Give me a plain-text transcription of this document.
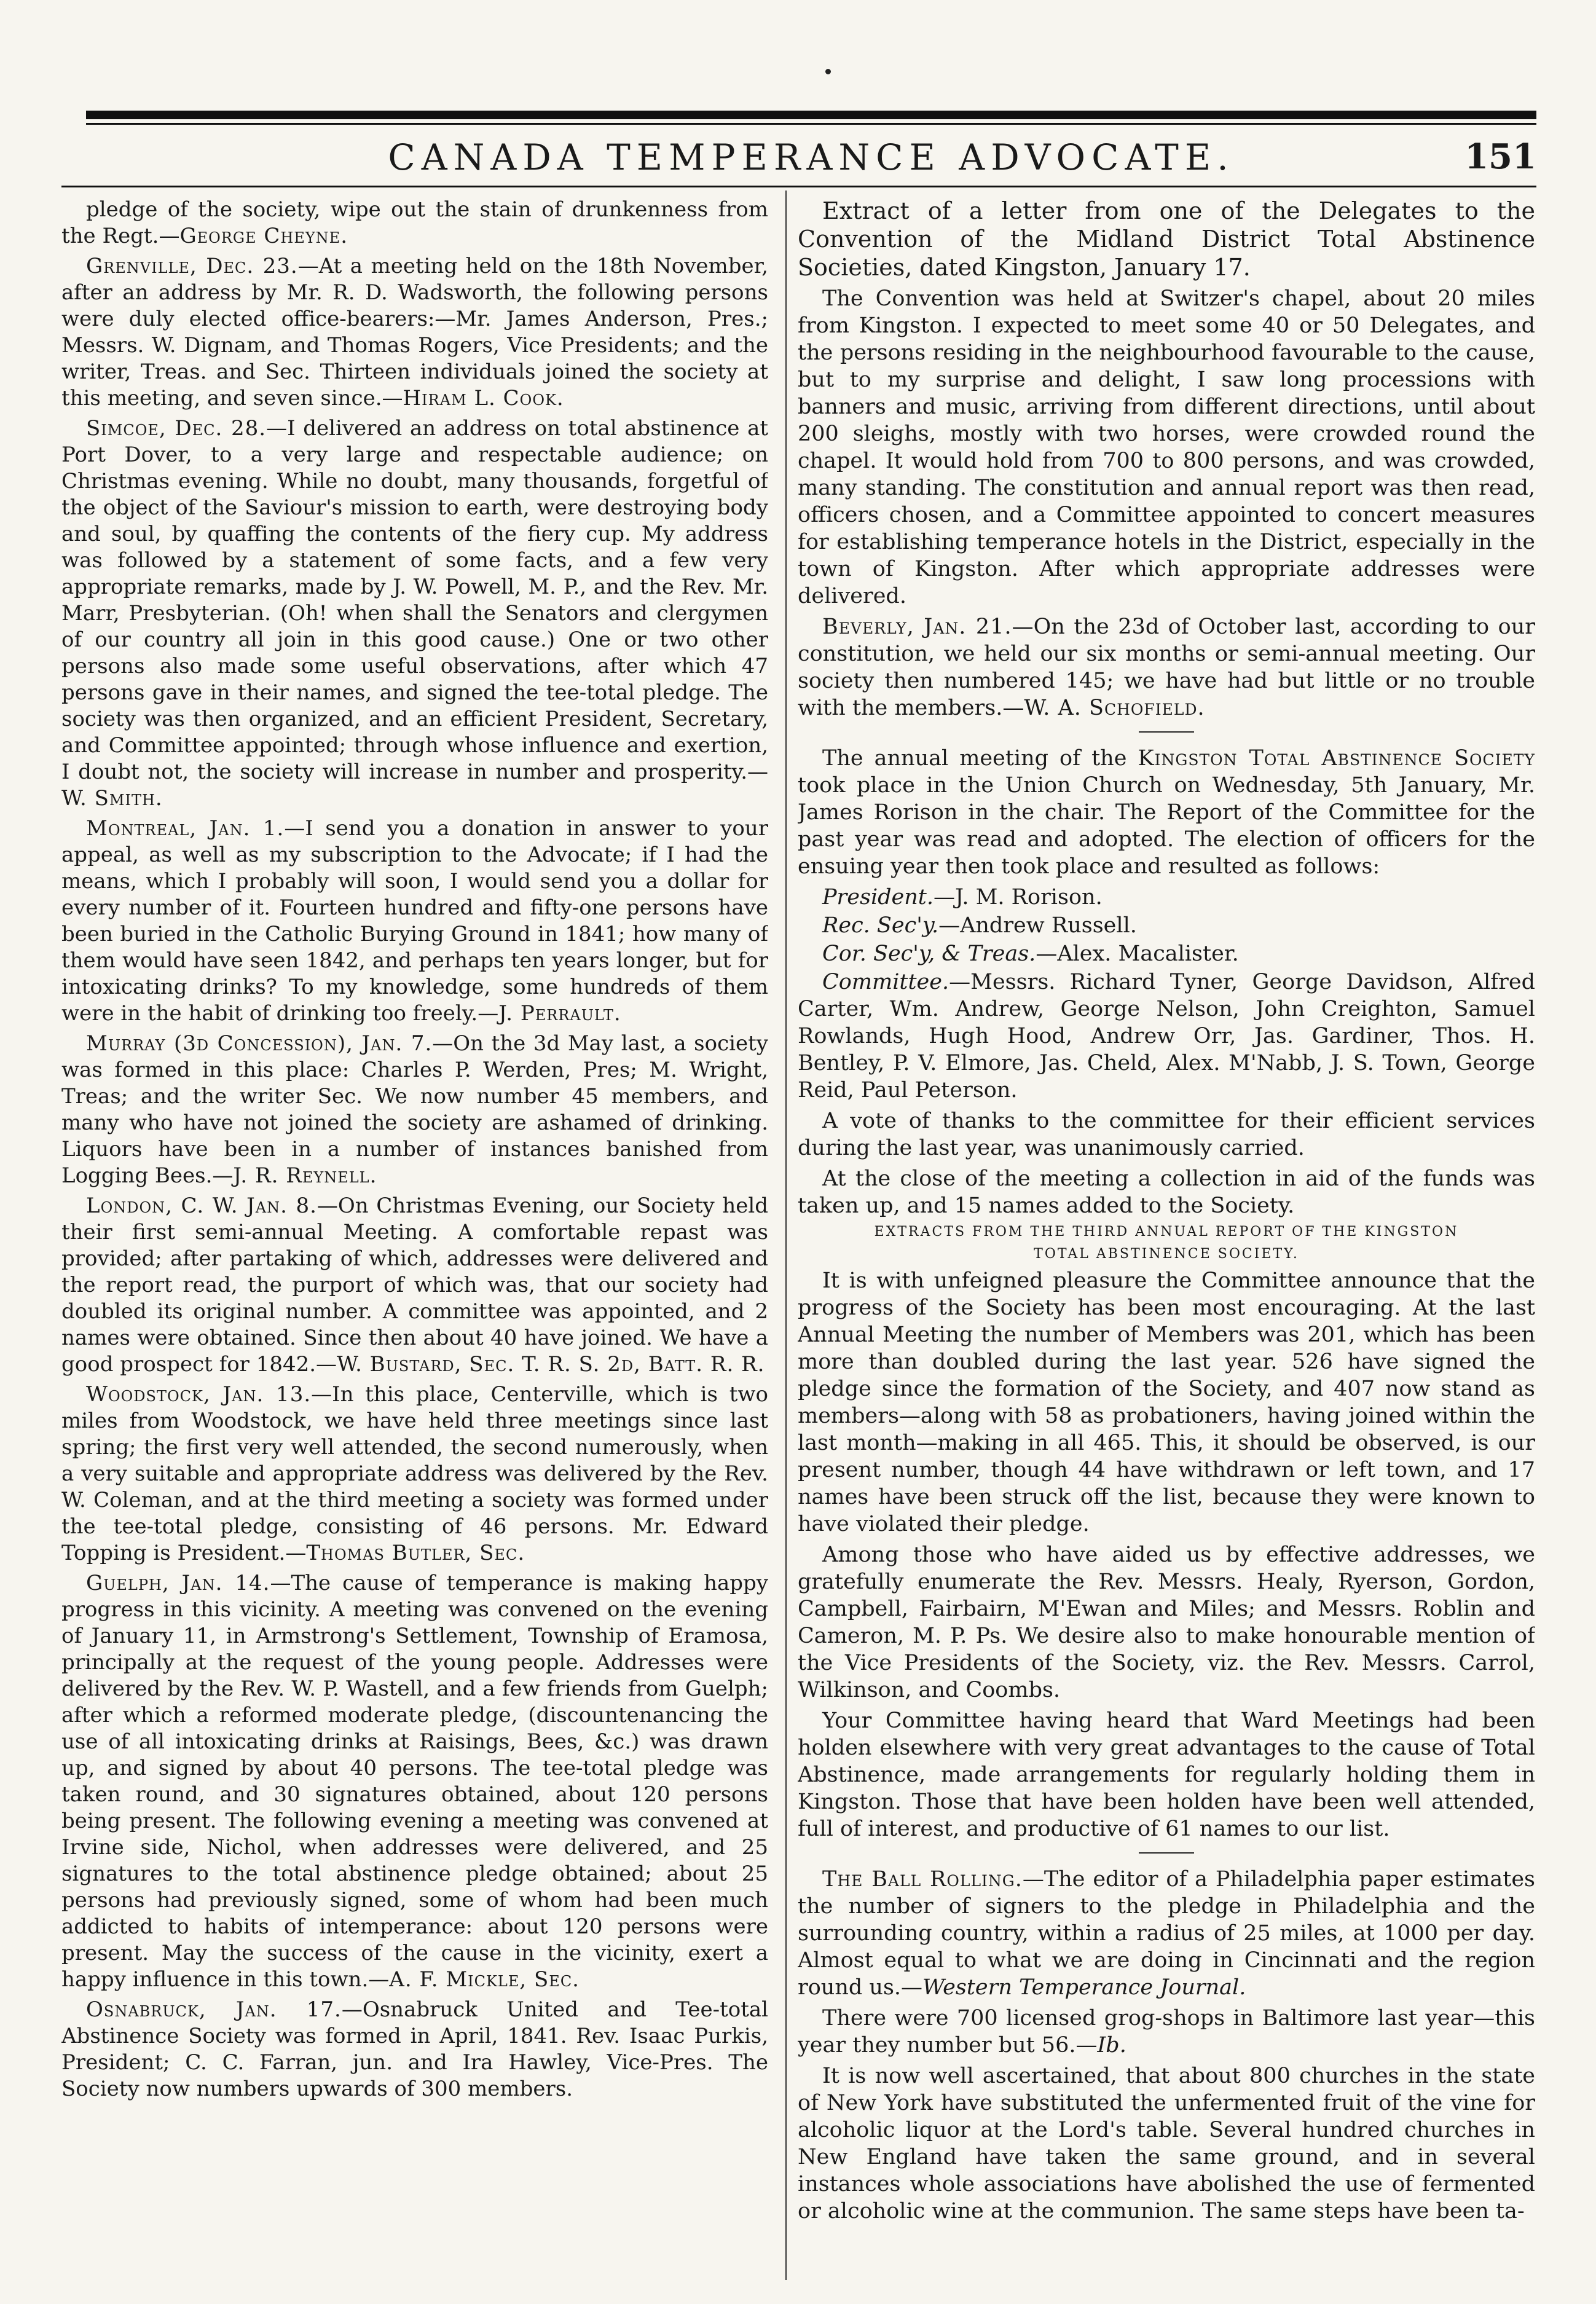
CANADA TEMPERANCE ADVOCATE.	151

pledge of the society, wipe out the stain of drunkenness from the Regt.—George Cheyne.

Grenville, Dec. 23.—At a meeting held on the 18th November, after an address by Mr. R. D. Wadsworth, the following persons were duly elected office-bearers:—Mr. James Anderson, Pres.; Messrs. W. Dignam, and Thomas Rogers, Vice Presidents; and the writer, Treas. and Sec. Thirteen individuals joined the society at this meeting, and seven since.—Hiram L. Cook.

Simcoe, Dec. 28.—I delivered an address on total abstinence at Port Dover, to a very large and respectable audience; on Christmas evening. While no doubt, many thousands, forgetful of the object of the Saviour's mission to earth, were destroying body and soul, by quaffing the contents of the fiery cup. My address was followed by a statement of some facts, and a few very appropriate remarks, made by J. W. Powell, M. P., and the Rev. Mr. Marr, Presbyterian. (Oh! when shall the Senators and clergymen of our country all join in this good cause.) One or two other persons also made some useful observations, after which 47 persons gave in their names, and signed the tee-total pledge. The society was then organized, and an efficient President, Secretary, and Committee appointed; through whose influence and exertion, I doubt not, the society will increase in number and prosperity.—W. Smith.

Montreal, Jan. 1.—I send you a donation in answer to your appeal, as well as my subscription to the Advocate; if I had the means, which I probably will soon, I would send you a dollar for every number of it. Fourteen hundred and fifty-one persons have been buried in the Catholic Burying Ground in 1841; how many of them would have seen 1842, and perhaps ten years longer, but for intoxicating drinks? To my knowledge, some hundreds of them were in the habit of drinking too freely.—J. Perrault.

Murray (3d Concession), Jan. 7.—On the 3d May last, a society was formed in this place: Charles P. Werden, Pres; M. Wright, Treas; and the writer Sec. We now number 45 members, and many who have not joined the society are ashamed of drinking. Liquors have been in a number of instances banished from Logging Bees.—J. R. Reynell.

London, C. W. Jan. 8.—On Christmas Evening, our Society held their first semi-annual Meeting. A comfortable repast was provided; after partaking of which, addresses were delivered and the report read, the purport of which was, that our society had doubled its original number. A committee was appointed, and 2 names were obtained. Since then about 40 have joined. We have a good prospect for 1842.—W. Bustard, Sec. T. R. S. 2d, Batt. R. R.

Woodstock, Jan. 13.—In this place, Centerville, which is two miles from Woodstock, we have held three meetings since last spring; the first very well attended, the second numerously, when a very suitable and appropriate address was delivered by the Rev. W. Coleman, and at the third meeting a society was formed under the tee-total pledge, consisting of 46 persons. Mr. Edward Topping is President.—Thomas Butler, Sec.

Guelph, Jan. 14.—The cause of temperance is making happy progress in this vicinity. A meeting was convened on the evening of January 11, in Armstrong's Settlement, Township of Eramosa, principally at the request of the young people. Addresses were delivered by the Rev. W. P. Wastell, and a few friends from Guelph; after which a reformed moderate pledge, (discountenancing the use of all intoxicating drinks at Raisings, Bees, &c.) was drawn up, and signed by about 40 persons. The tee-total pledge was taken round, and 30 signatures obtained, about 120 persons being present. The following evening a meeting was convened at Irvine side, Nichol, when addresses were delivered, and 25 signatures to the total abstinence pledge obtained; about 25 persons had previously signed, some of whom had been much addicted to habits of intemperance: about 120 persons were present. May the success of the cause in the vicinity, exert a happy influence in this town.—A. F. Mickle, Sec.

Osnabruck, Jan. 17.—Osnabruck United and Tee-total Abstinence Society was formed in April, 1841. Rev. Isaac Purkis, President; C. C. Farran, jun. and Ira Hawley, Vice-Pres. The Society now numbers upwards of 300 members.

Extract of a letter from one of the Delegates to the Convention of the Midland District Total Abstinence Societies, dated Kingston, January 17.

The Convention was held at Switzer's chapel, about 20 miles from Kingston. I expected to meet some 40 or 50 Delegates, and the persons residing in the neighbourhood favourable to the cause, but to my surprise and delight, I saw long processions with banners and music, arriving from different directions, until about 200 sleighs, mostly with two horses, were crowded round the chapel. It would hold from 700 to 800 persons, and was crowded, many standing. The constitution and annual report was then read, officers chosen, and a Committee appointed to concert measures for establishing temperance hotels in the District, especially in the town of Kingston. After which appropriate addresses were delivered.

Beverly, Jan. 21.—On the 23d of October last, according to our constitution, we held our six months or semi-annual meeting. Our society then numbered 145; we have had but little or no trouble with the members.—W. A. Schofield.

The annual meeting of the Kingston Total Abstinence Society took place in the Union Church on Wednesday, 5th January, Mr. James Rorison in the chair. The Report of the Committee for the past year was read and adopted. The election of officers for the ensuing year then took place and resulted as follows:

President.—J. M. Rorison.
Rec. Sec'y.—Andrew Russell.
Cor. Sec'y, & Treas.—Alex. Macalister.

Committee.—Messrs. Richard Tyner, George Davidson, Alfred Carter, Wm. Andrew, George Nelson, John Creighton, Samuel Rowlands, Hugh Hood, Andrew Orr, Jas. Gardiner, Thos. H. Bentley, P. V. Elmore, Jas. Cheld, Alex. M'Nabb, J. S. Town, George Reid, Paul Peterson.

A vote of thanks to the committee for their efficient services during the last year, was unanimously carried.

At the close of the meeting a collection in aid of the funds was taken up, and 15 names added to the Society.

EXTRACTS FROM THE THIRD ANNUAL REPORT OF THE KINGSTON
TOTAL ABSTINENCE SOCIETY.

It is with unfeigned pleasure the Committee announce that the progress of the Society has been most encouraging. At the last Annual Meeting the number of Members was 201, which has been more than doubled during the last year. 526 have signed the pledge since the formation of the Society, and 407 now stand as members—along with 58 as probationers, having joined within the last month—making in all 465. This, it should be observed, is our present number, though 44 have withdrawn or left town, and 17 names have been struck off the list, because they were known to have violated their pledge.

Among those who have aided us by effective addresses, we gratefully enumerate the Rev. Messrs. Healy, Ryerson, Gordon, Campbell, Fairbairn, M'Ewan and Miles; and Messrs. Roblin and Cameron, M. P. Ps. We desire also to make honourable mention of the Vice Presidents of the Society, viz. the Rev. Messrs. Carrol, Wilkinson, and Coombs.

Your Committee having heard that Ward Meetings had been holden elsewhere with very great advantages to the cause of Total Abstinence, made arrangements for regularly holding them in Kingston. Those that have been holden have been well attended, full of interest, and productive of 61 names to our list.

The Ball Rolling.—The editor of a Philadelphia paper estimates the number of signers to the pledge in Philadelphia and the surrounding country, within a radius of 25 miles, at 1000 per day. Almost equal to what we are doing in Cincinnati and the region round us.—Western Temperance Journal.

There were 700 licensed grog-shops in Baltimore last year—this year they number but 56.—Ib.

It is now well ascertained, that about 800 churches in the state of New York have substituted the unfermented fruit of the vine for alcoholic liquor at the Lord's table. Several hundred churches in New England have taken the same ground, and in several instances whole associations have abolished the use of fermented or alcoholic wine at the communion. The same steps have been ta-
